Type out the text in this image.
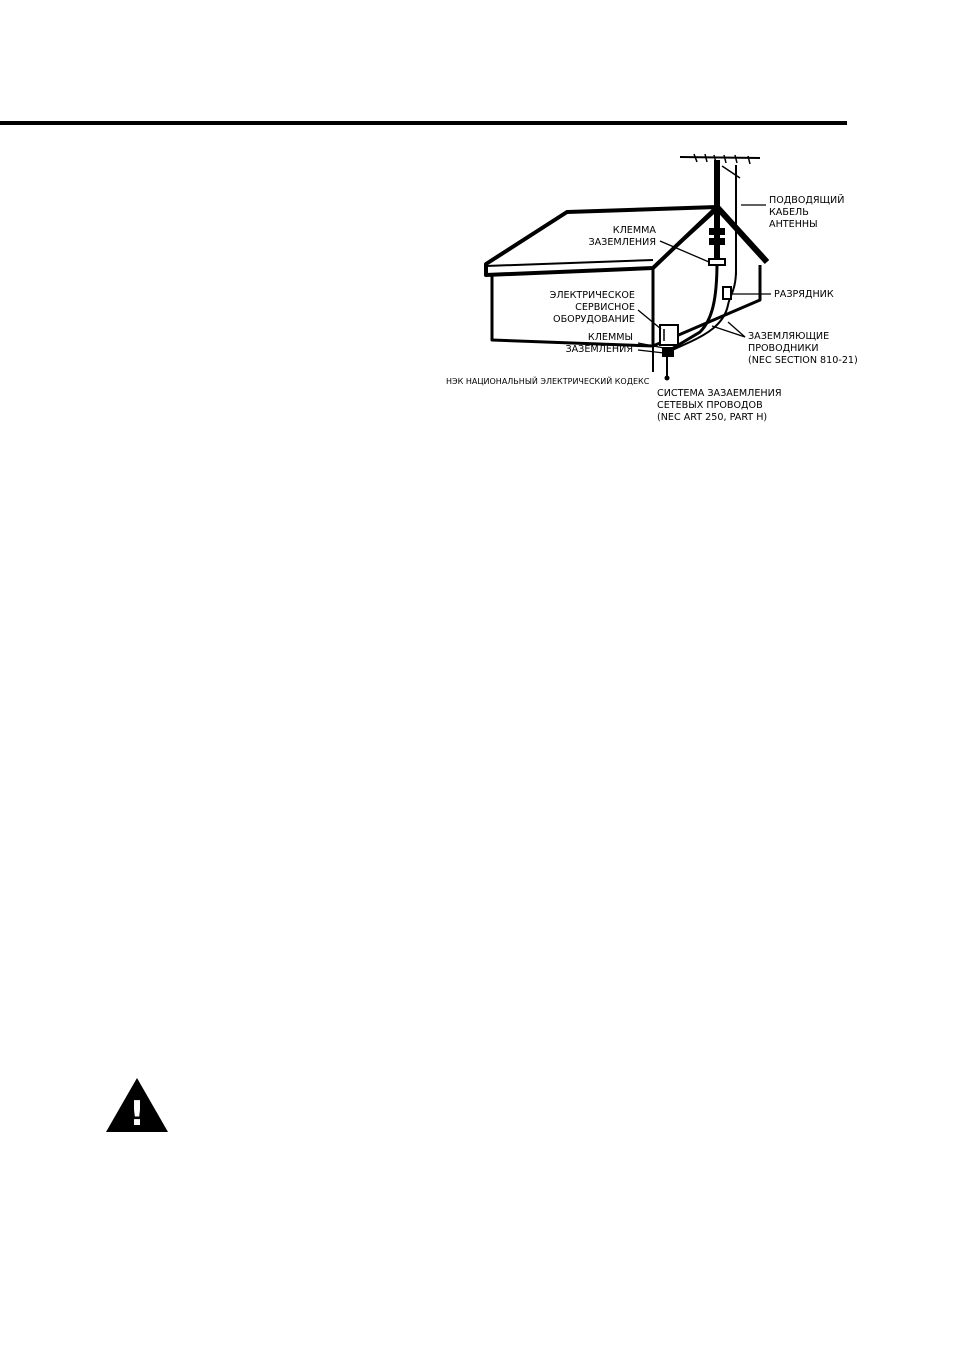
ПОДВОДЯЩИЙ
КАБЕЛЬ
АНТЕННЫ
КЛЕММА
ЗАЗЕМЛЕНИЯ
РАЗРЯДНИК
ЭЛЕКТРИЧЕСКОЕ
СЕРВИСНОЕ
ОБОРУДОВАНИЕ
КЛЕММЫ
ЗАЗЕМЛЕНИЯ
ЗАЗЕМЛЯЮЩИЕ
ПРОВОДНИКИ
(NEC SECTION 810-21)
СИСТЕМА ЗАЗАЕМЛЕНИЯ
СЕТЕВЫХ ПРОВОДОВ
(NEC ART 250, PART H)
НЭК НАЦИОНАЛЬНЫЙ ЭЛЕКТРИЧЕСКИЙ КОДЕКС
!
